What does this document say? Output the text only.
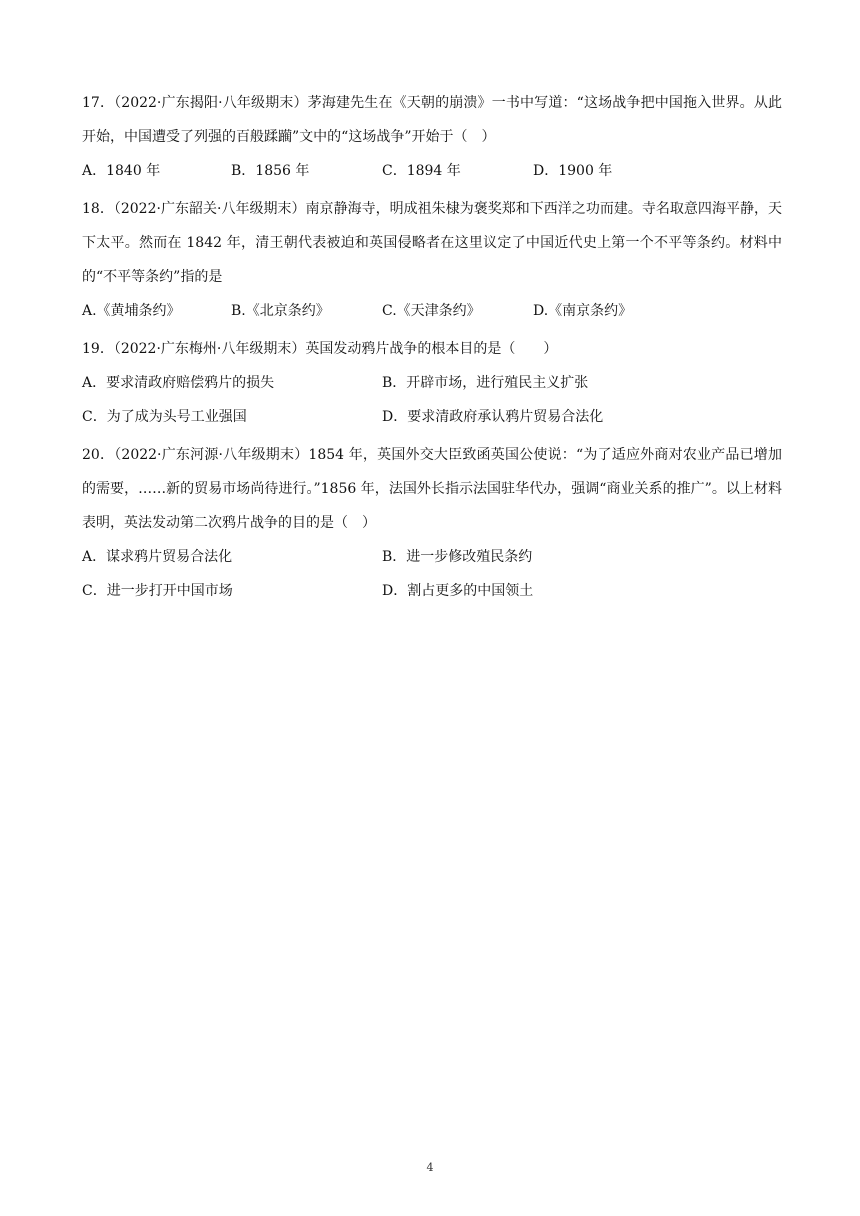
17．（2022·广东揭阳·八年级期末）茅海建先生在《天朝的崩溃》一书中写道：“这场战争把中国拖入世界。从此开始，中国遭受了列强的百般蹂躏”文中的“这场战争”开始于（　）

A．1840 年	B．1856 年	C．1894 年	D．1900 年

18．（2022·广东韶关·八年级期末）南京静海寺，明成祖朱棣为褒奖郑和下西洋之功而建。寺名取意四海平静，天下太平。然而在 1842 年，清王朝代表被迫和英国侵略者在这里议定了中国近代史上第一个不平等条约。材料中的“不平等条约”指的是

A.《黄埔条约》	B.《北京条约》	C.《天津条约》	D.《南京条约》

19．（2022·广东梅州·八年级期末）英国发动鸦片战争的根本目的是（　　）

A．要求清政府赔偿鸦片的损失	B．开辟市场，进行殖民主义扩张
C．为了成为头号工业强国	D．要求清政府承认鸦片贸易合法化

20．（2022·广东河源·八年级期末）1854 年，英国外交大臣致函英国公使说：“为了适应外商对农业产品已增加的需要，……新的贸易市场尚待进行。”1856 年，法国外长指示法国驻华代办，强调“商业关系的推广”。以上材料表明，英法发动第二次鸦片战争的目的是（　）

A．谋求鸦片贸易合法化	B．进一步修改殖民条约
C．进一步打开中国市场	D．割占更多的中国领土
4
